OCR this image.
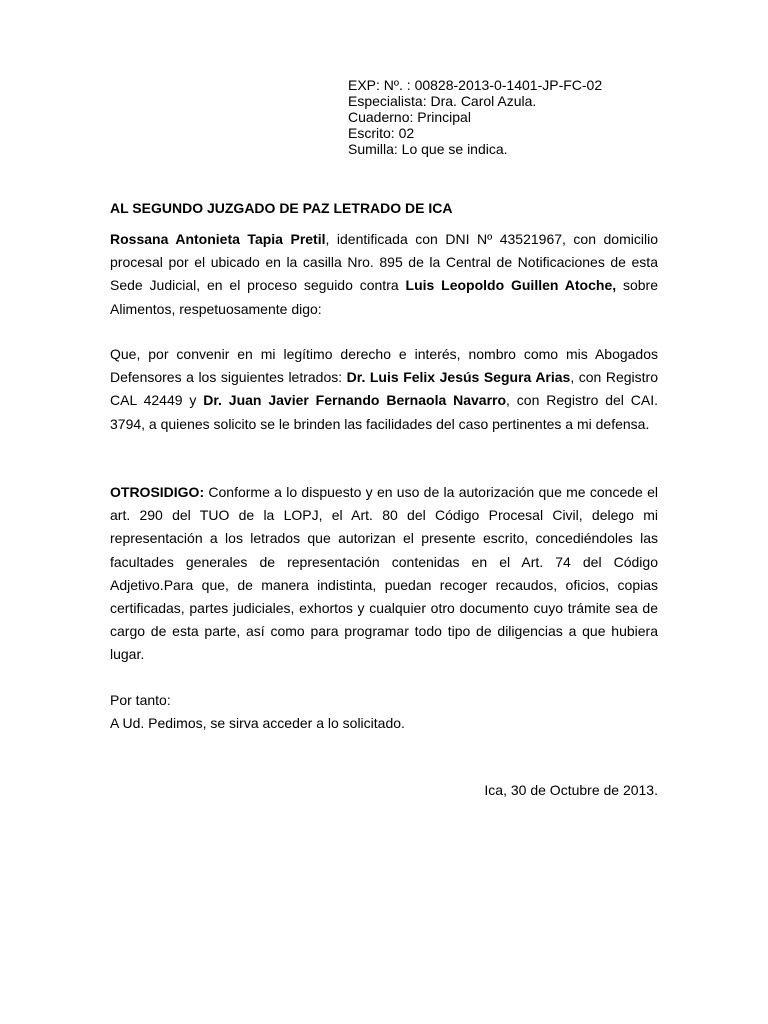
EXP: Nº. : 00828-2013-0-1401-JP-FC-02
Especialista: Dra. Carol Azula.
Cuaderno: Principal
Escrito: 02
Sumilla: Lo que se indica.
AL SEGUNDO JUZGADO DE PAZ LETRADO DE ICA

Rossana Antonieta Tapia Pretil, identificada con DNI Nº 43521967, con domicilio procesal por el ubicado en la casilla Nro. 895 de la Central de Notificaciones de esta Sede Judicial, en el proceso seguido contra Luis Leopoldo Guillen Atoche, sobre Alimentos, respetuosamente digo:

Que, por convenir en mi legítimo derecho e interés, nombro como mis Abogados Defensores a los siguientes letrados: Dr. Luis Felix Jesús Segura Arias, con Registro CAL 42449 y Dr. Juan Javier Fernando Bernaola Navarro, con Registro del CAI. 3794, a quienes solicito se le brinden las facilidades del caso pertinentes a mi defensa.

OTROSIDIGO: Conforme a lo dispuesto y en uso de la autorización que me concede el art. 290 del TUO de la LOPJ, el Art. 80 del Código Procesal Civil, delego mi representación a los letrados que autorizan el presente escrito, concediéndoles las facultades generales de representación contenidas en el Art. 74 del Código Adjetivo.Para que, de manera indistinta, puedan recoger recaudos, oficios, copias certificadas, partes judiciales, exhortos y cualquier otro documento cuyo trámite sea de cargo de esta parte, así como para programar todo tipo de diligencias a que hubiera lugar.

Por tanto:
A Ud. Pedimos, se sirva acceder a lo solicitado.
Ica, 30 de Octubre de 2013.
